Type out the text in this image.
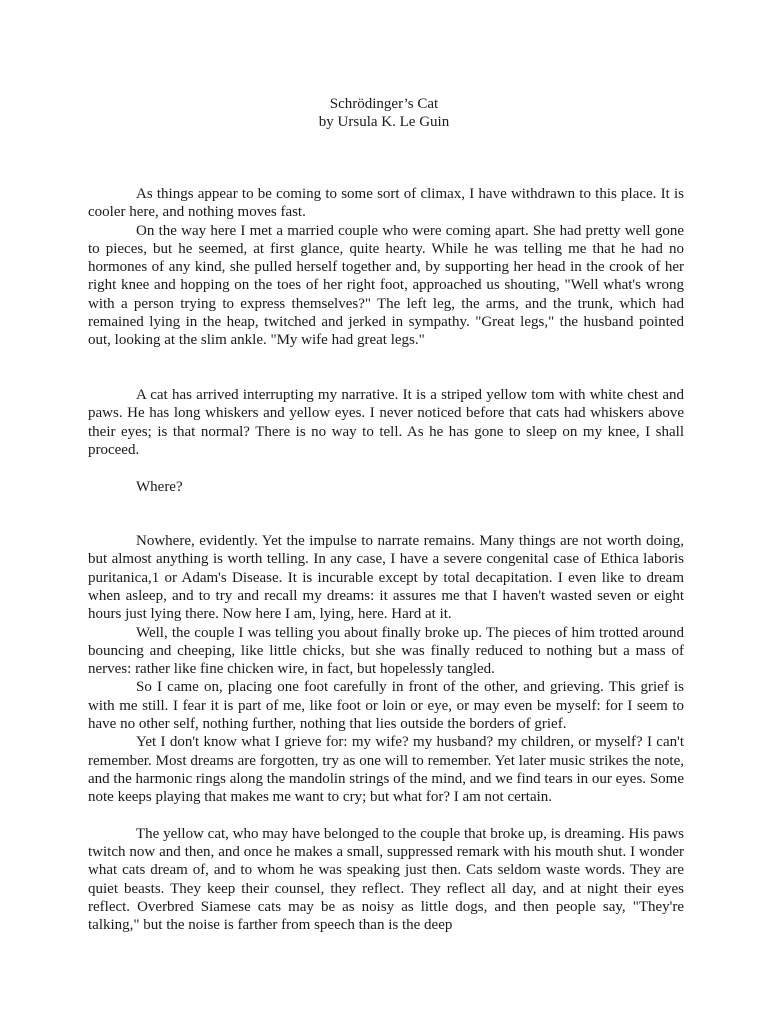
Schrödinger’s Cat
by Ursula K. Le Guin

As things appear to be coming to some sort of climax, I have withdrawn to this place. It is cooler here, and nothing moves fast.

On the way here I met a married couple who were coming apart. She had pretty well gone to pieces, but he seemed, at first glance, quite hearty. While he was telling me that he had no hormones of any kind, she pulled herself together and, by supporting her head in the crook of her right knee and hopping on the toes of her right foot, approached us shouting, "Well what's wrong with a person trying to express themselves?" The left leg, the arms, and the trunk, which had remained lying in the heap, twitched and jerked in sympathy. "Great legs," the husband pointed out, looking at the slim ankle. "My wife had great legs."

A cat has arrived interrupting my narrative. It is a striped yellow tom with white chest and paws. He has long whiskers and yellow eyes. I never noticed before that cats had whiskers above their eyes; is that normal? There is no way to tell. As he has gone to sleep on my knee, I shall proceed.

Where?

Nowhere, evidently. Yet the impulse to narrate remains. Many things are not worth doing, but almost anything is worth telling. In any case, I have a severe congenital case of Ethica laboris puritanica,1 or Adam's Disease. It is incurable except by total decapitation. I even like to dream when asleep, and to try and recall my dreams: it assures me that I haven't wasted seven or eight hours just lying there. Now here I am, lying, here. Hard at it.

Well, the couple I was telling you about finally broke up. The pieces of him trotted around bouncing and cheeping, like little chicks, but she was finally reduced to nothing but a mass of nerves: rather like fine chicken wire, in fact, but hopelessly tangled.

So I came on, placing one foot carefully in front of the other, and grieving. This grief is with me still. I fear it is part of me, like foot or loin or eye, or may even be myself: for I seem to have no other self, nothing further, nothing that lies outside the borders of grief.

Yet I don't know what I grieve for: my wife? my husband? my children, or myself? I can't remember. Most dreams are forgotten, try as one will to remember. Yet later music strikes the note, and the harmonic rings along the mandolin strings of the mind, and we find tears in our eyes. Some note keeps playing that makes me want to cry; but what for? I am not certain.

The yellow cat, who may have belonged to the couple that broke up, is dreaming. His paws twitch now and then, and once he makes a small, suppressed remark with his mouth shut. I wonder what cats dream of, and to whom he was speaking just then. Cats seldom waste words. They are quiet beasts. They keep their counsel, they reflect. They reflect all day, and at night their eyes reflect. Overbred Siamese cats may be as noisy as little dogs, and then people say, "They're talking," but the noise is farther from speech than is the deep
